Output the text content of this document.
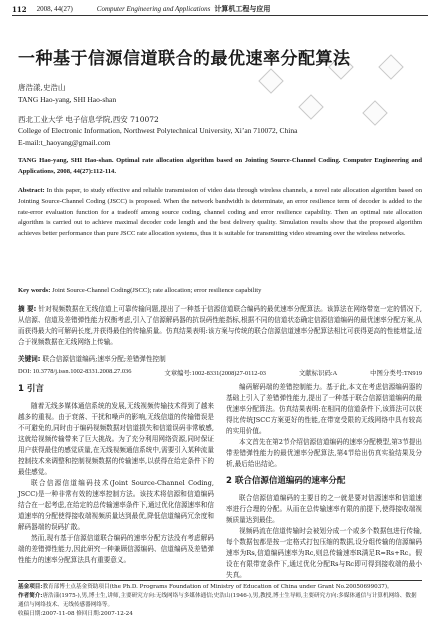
112 2008, 44(27)	Computer Engineering and Applications 计算机工程与应用
一种基于信源信道联合的最优速率分配算法
唐浩漾,史浩山
TANG Hao-yang, SHI Hao-shan
西北工业大学 电子信息学院,西安 710072
College of Electronic Information, Northwest Polytechnical University, Xi’an 710072, China
E-mail:t_haoyang@gmail.com

TANG Hao-yang, SHI Hao-shan. Optimal rate allocation algorithm based on Jointing Source-Channel Coding. Computer Engineering and Applications, 2008, 44(27):112-114.

Abstract: In this paper, to study effective and reliable transmission of video data through wireless channels, a novel rate allocation algorithm based on Jointing Source-Channel Coding (JSCC) is proposed. When the network bandwidth is determinate, an error resilience term of decoder is added to the rate-error evaluation function for a tradeoff among source coding, channel coding and error resilience capability. Then an optimal rate allocation algorithm is carried out to achieve maximal decoder code length and the best delivery quality. Simulation results show that the proposed algorithm achieves better performance than pure JSCC rate allocation systems, thus it is suitable for transmitting video streaming over the wireless networks.

Key words: Joint Source-Channel Coding(JSCC); rate allocation; error resilience capability

摘 要: 针对视频数据在无线信道上可靠传输问题,提出了一种基于信源信道联合编码的最优速率分配算法。该算法在网络带宽一定的情况下,从信源、信道及差错弹性能力权衡考虑,引入了信源解码器的抗误码性能指标,根据不同的信道状态确定信源信道编码的最优速率分配方案,从而获得最大的可解码长度,并获得最佳的传输质量。仿真结果表明:该方案与传统的联合信源信道速率分配算法相比可获得更高的性能增益,适合于视频数据在无线网络上传输。

关键词: 联合信源信道编码;速率分配;差错弹性控制

DOI: 10.3778/j.issn.1002-8331.2008.27.036	文章编号:1002-8331(2008)27-0112-03	文献标识码:A	中图分类号:TN919
1 引言

随着无线多媒体通信系统的发展,无线视频传输技术得到了越来越多的重视。由于衰落、干扰和噪声的影响,无线信道的传输错误是不可避免的,同时由于编码视频数据对信道损失和信道误码非常敏感,这就给视频传输带来了巨大挑战。为了充分利用网络资源,同时保证用户获得最佳的感觉质量,在无线视频通信系统中,需要引入某种流量控制技术来调整和控制视频数据的传输速率,以获得在给定条件下的最佳感觉。

联合信源信道编码技术(Joint Source-Channel Coding, JSCC)是一种非常有效的速率控制方法。该技术将信源和信道编码结合在一起考虑,在给定的总传输速率条件下,通过优化信源速率和信道速率的分配使得接收端视频质量达到最优,降低信道编码冗余度和解码器端的误码扩散。

然而,现有基于信源信道联合编码的速率分配方法没有考虑解码端的差错弹性能力,因此研究一种兼顾信源编码、信道编码及差错弹性能力的速率分配算法具有重要意义。

编码解码端的差错控制能力。基于此,本文在考虑信源编码器的基础上引入了差错弹性能力,提出了一种基于联合信源信道编码的最优速率分配算法。仿真结果表明:在相同的信道条件下,该算法可以获得比传统JSCC方案更好的性能,在带宽受限的无线网络中具有较高的实用价值。

本文首先在第2节介绍信源信道编码的速率分配模型,第3节提出带差错弹性能力的最优速率分配算法,第4节给出仿真实验结果及分析,最后给出结论。

2 联合信源信道编码的速率分配

联合信源信道编码的主要目的之一就是要对信源速率和信道速率进行合理的分配。从而在总传输速率有限的前提下,使得接收端视频质量达到最佳。

视频码流在信道传输时会被划分成一个或多个数据包进行传输,每个数据包都是按一定格式打包压缩的数据,设分组传输的信源编码速率为Rs,信道编码速率为Rc,则总传输速率R满足R=Rs+Rc。假设在有限带宽条件下,通过优化分配Rs与Rc即可得到接收端的最小失真。

基金项目:教育部博士点基金资助项目(the Ph.D. Programs Foundation of Ministry of Education of China under Grant No.20050699037)。
作者简介:唐浩漾(1975-),男,博士生,讲师,主要研究方向:无线网络与多媒体通信;史浩山(1946-),男,教授,博士生导师,主要研究方向:多媒体通信与计算机网络、数据通信与网络技术、无线传感器网络等。
收稿日期:2007-11-08 修回日期:2007-12-24
